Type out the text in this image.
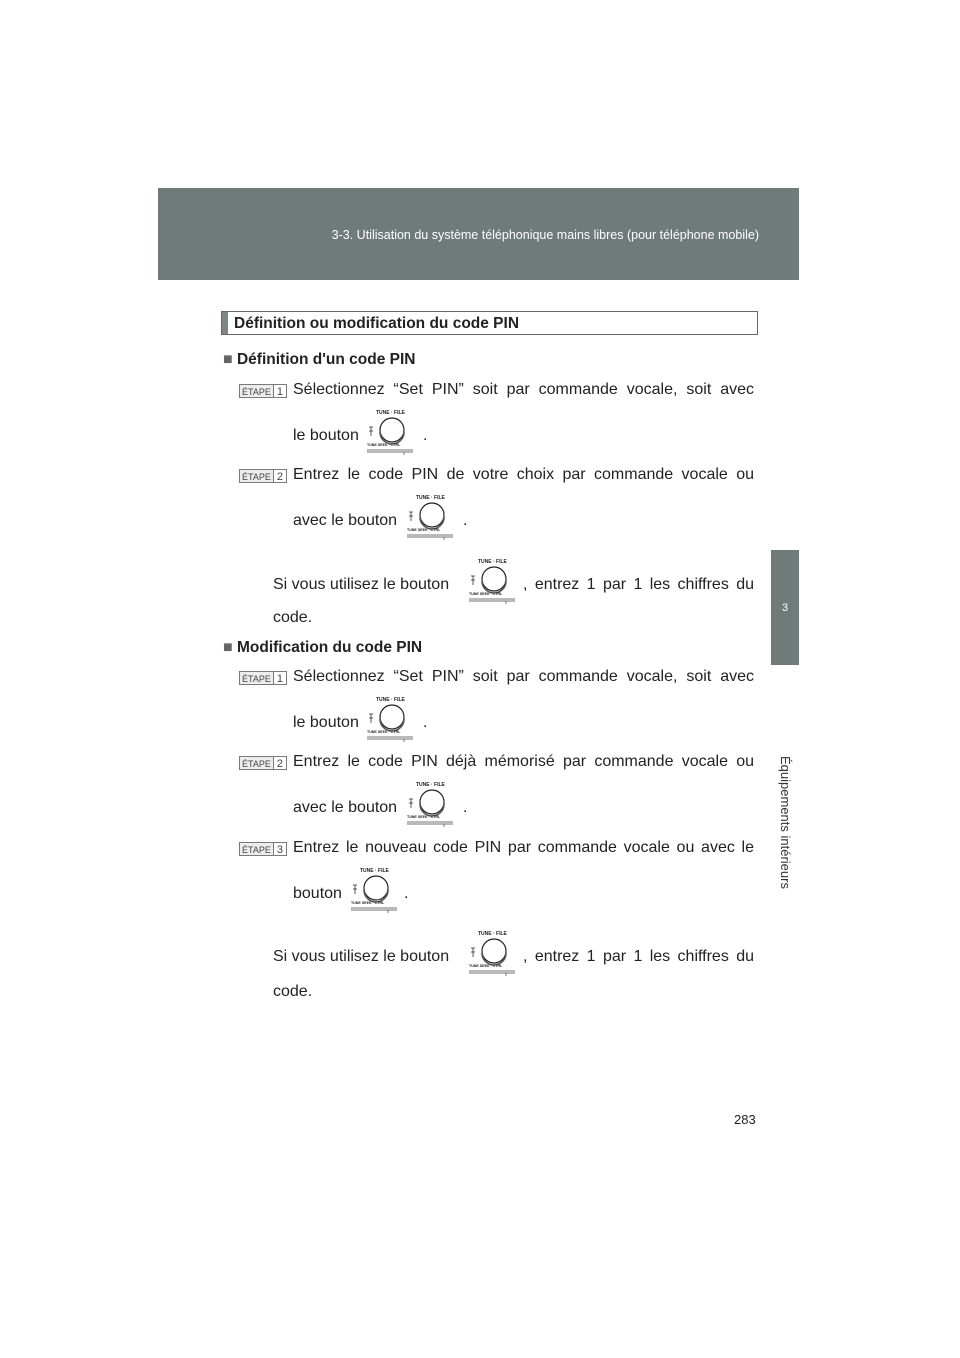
3-3. Utilisation du système téléphonique mains libres (pour téléphone mobile)
3
Équipements intérieurs
Définition ou modification du code PIN
■ Définition d'un code PIN
ÉTAPE 1 Sélectionnez “Set PIN” soit par commande vocale, soit avec
le bouton
TUNE · FILE
TUNE SEEK · CTRL
.
ÉTAPE 2 Entrez le code PIN de votre choix par commande vocale ou
avec le bouton
TUNE · FILE
TUNE SEEK · CTRL
.
Si vous utilisez le bouton
TUNE · FILE
TUNE SEEK · CTRL
, entrez 1 par 1 les chiffres du
code.
■ Modification du code PIN
ÉTAPE 1 Sélectionnez “Set PIN” soit par commande vocale, soit avec
le bouton
TUNE · FILE
TUNE SEEK · CTRL
.
ÉTAPE 2 Entrez le code PIN déjà mémorisé par commande vocale ou
avec le bouton
TUNE · FILE
TUNE SEEK · CTRL
.
ÉTAPE 3 Entrez le nouveau code PIN par commande vocale ou avec le
bouton
TUNE · FILE
TUNE SEEK · CTRL
.
Si vous utilisez le bouton
TUNE · FILE
TUNE SEEK · CTRL
, entrez 1 par 1 les chiffres du
code.
283
